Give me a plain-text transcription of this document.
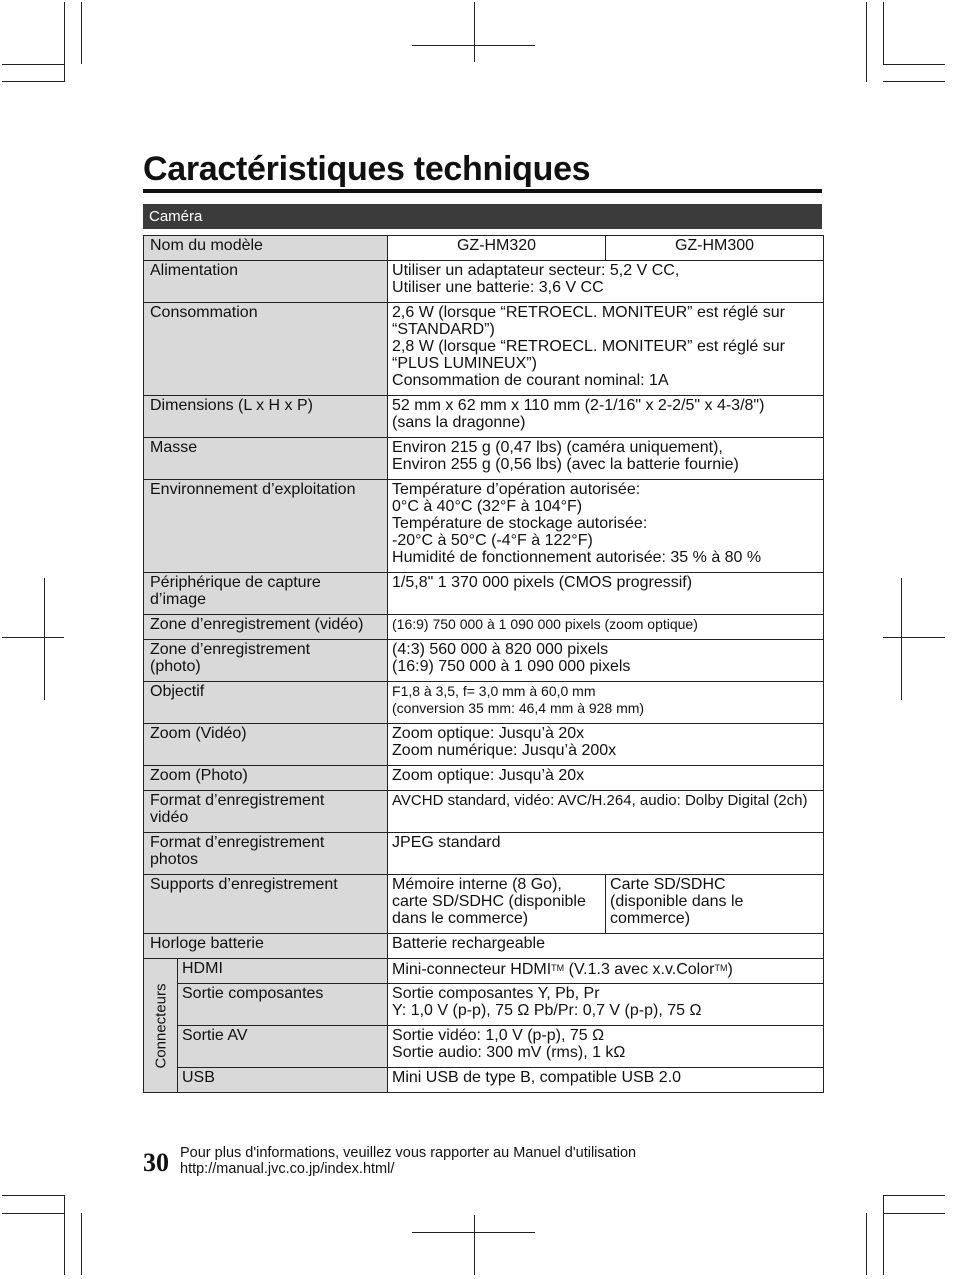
Caractéristiques techniques
Caméra
Nom du modèle		GZ-HM320	GZ-HM300
Alimentation		Utiliser un adaptateur secteur: 5,2 V CC,
Utiliser une batterie: 3,6 V CC	

Consommation		2,6 W (lorsque “RETROECL. MONITEUR” est réglé sur “STANDARD”)
2,8 W (lorsque “RETROECL. MONITEUR” est réglé sur “PLUS LUMINEUX”)
Consommation de courant nominal: 1A	

Dimensions (L x H x P)		52 mm x 62 mm x 110 mm (2-1/16" x 2-2/5" x 4-3/8")
(sans la dragonne)	

Masse		Environ 215 g (0,47 lbs) (caméra uniquement),
Environ 255 g (0,56 lbs) (avec la batterie fournie)	

Environnement d’exploitation		Température d’opération autorisée:
0°C à 40°C (32°F à 104°F)
Température de stockage autorisée:
-20°C à 50°C (-4°F à 122°F)
Humidité de fonctionnement autorisée: 35 % à 80 %	

Périphérique de capture
d’image		1/5,8" 1 370 000 pixels (CMOS progressif)	
Zone d’enregistrement (vidéo)		(16:9) 750 000 à 1 090 000 pixels (zoom optique)	

Zone d’enregistrement
(photo)		(4:3) 560 000 à 820 000 pixels
(16:9) 750 000 à 1 090 000 pixels	

Objectif		F1,8 à 3,5, f= 3,0 mm à 60,0 mm
(conversion 35 mm: 46,4 mm à 928 mm)	

Zoom (Vidéo)		Zoom optique: Jusqu’à 20x
Zoom numérique: Jusqu’à 200x	

Zoom (Photo)		Zoom optique: Jusqu’à 20x	

Format d’enregistrement
vidéo		AVCHD standard, vidéo: AVC/H.264, audio: Dolby Digital (2ch)	

Format d’enregistrement
photos		JPEG standard	
Supports d’enregistrement		Mémoire interne (8 Go),
carte SD/SDHC (disponible
dans le commerce)	Carte SD/SDHC
(disponible dans le
commerce)

Horloge batterie		Batterie rechargeable	

Connecteurs	HDMI	Mini-connecteur HDMI™ (V.1.3 avec x.v.Color™)	
	Sortie composantes	Sortie composantes Y, Pb, Pr
Y: 1,0 V (p-p), 75 Ω Pb/Pr: 0,7 V (p-p), 75 Ω	

	Sortie AV	Sortie vidéo: 1,0 V (p-p), 75 Ω
Sortie audio: 300 mV (rms), 1 kΩ	

	USB	Mini USB de type B, compatible USB 2.0	
30 Pour plus d'informations, veuillez vous rapporter au Manuel d'utilisation
http://manual.jvc.co.jp/index.html/
